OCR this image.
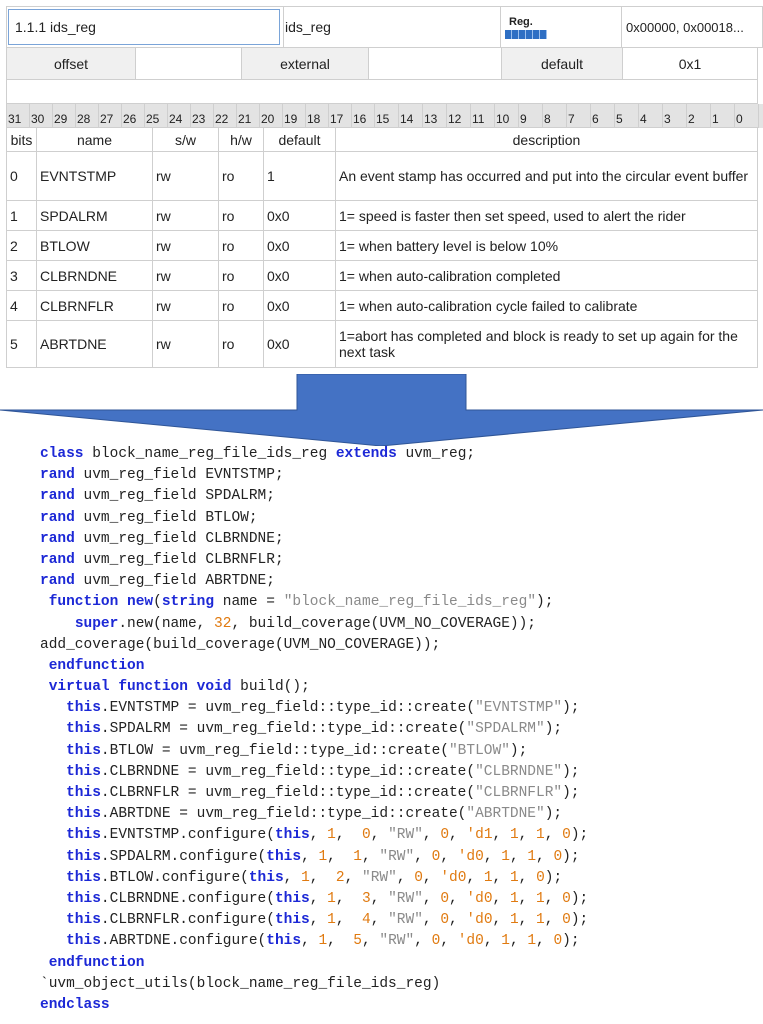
1.1.1 ids_reg	ids_reg	Reg.	0x00000, 0x00018...
offset	external	default	0x1
31 30 29 28 27 26 25 24 23 22 21 20 19 18 17 16 15 14 13 12 11 10 9	8	7	6	5	4	3	2	1	0
bits	name	s/w	h/w	default	description
0	EVNTSTMP	rw	ro	1	An event stamp has occurred and put into the circular event buffer
1	SPDALRM	rw	ro	0x0	1= speed is faster then set speed, used to alert the rider
2	BTLOW	rw	ro	0x0	1= when battery level is below 10%
3	CLBRNDNE	rw	ro	0x0	1= when auto-calibration completed
4	CLBRNFLR	rw	ro	0x0	1= when auto-calibration cycle failed to calibrate
5	ABRTDNE	rw	ro	0x0	1=abort has completed and block is ready to set up again for the next task
class block_name_reg_file_ids_reg extends uvm_reg;
rand uvm_reg_field EVNTSTMP;
rand uvm_reg_field SPDALRM;
rand uvm_reg_field BTLOW;
rand uvm_reg_field CLBRNDNE;
rand uvm_reg_field CLBRNFLR;
rand uvm_reg_field ABRTDNE;
function new(string name = "block_name_reg_file_ids_reg");
super.new(name, 32, build_coverage(UVM_NO_COVERAGE));
add_coverage(build_coverage(UVM_NO_COVERAGE));
endfunction
virtual function void build();
this.EVNTSTMP = uvm_reg_field::type_id::create("EVNTSTMP");
this.SPDALRM = uvm_reg_field::type_id::create("SPDALRM");
this.BTLOW = uvm_reg_field::type_id::create("BTLOW");
this.CLBRNDNE = uvm_reg_field::type_id::create("CLBRNDNE");
this.CLBRNFLR = uvm_reg_field::type_id::create("CLBRNFLR");
this.ABRTDNE = uvm_reg_field::type_id::create("ABRTDNE");
this.EVNTSTMP.configure(this, 1,  0, "RW", 0, 'd1, 1, 1, 0);
this.SPDALRM.configure(this, 1,  1, "RW", 0, 'd0, 1, 1, 0);
this.BTLOW.configure(this, 1,  2, "RW", 0, 'd0, 1, 1, 0);
this.CLBRNDNE.configure(this, 1,  3, "RW", 0, 'd0, 1, 1, 0);
this.CLBRNFLR.configure(this, 1,  4, "RW", 0, 'd0, 1, 1, 0);
this.ABRTDNE.configure(this, 1,  5, "RW", 0, 'd0, 1, 1, 0);
endfunction
`uvm_object_utils(block_name_reg_file_ids_reg)
endclass
